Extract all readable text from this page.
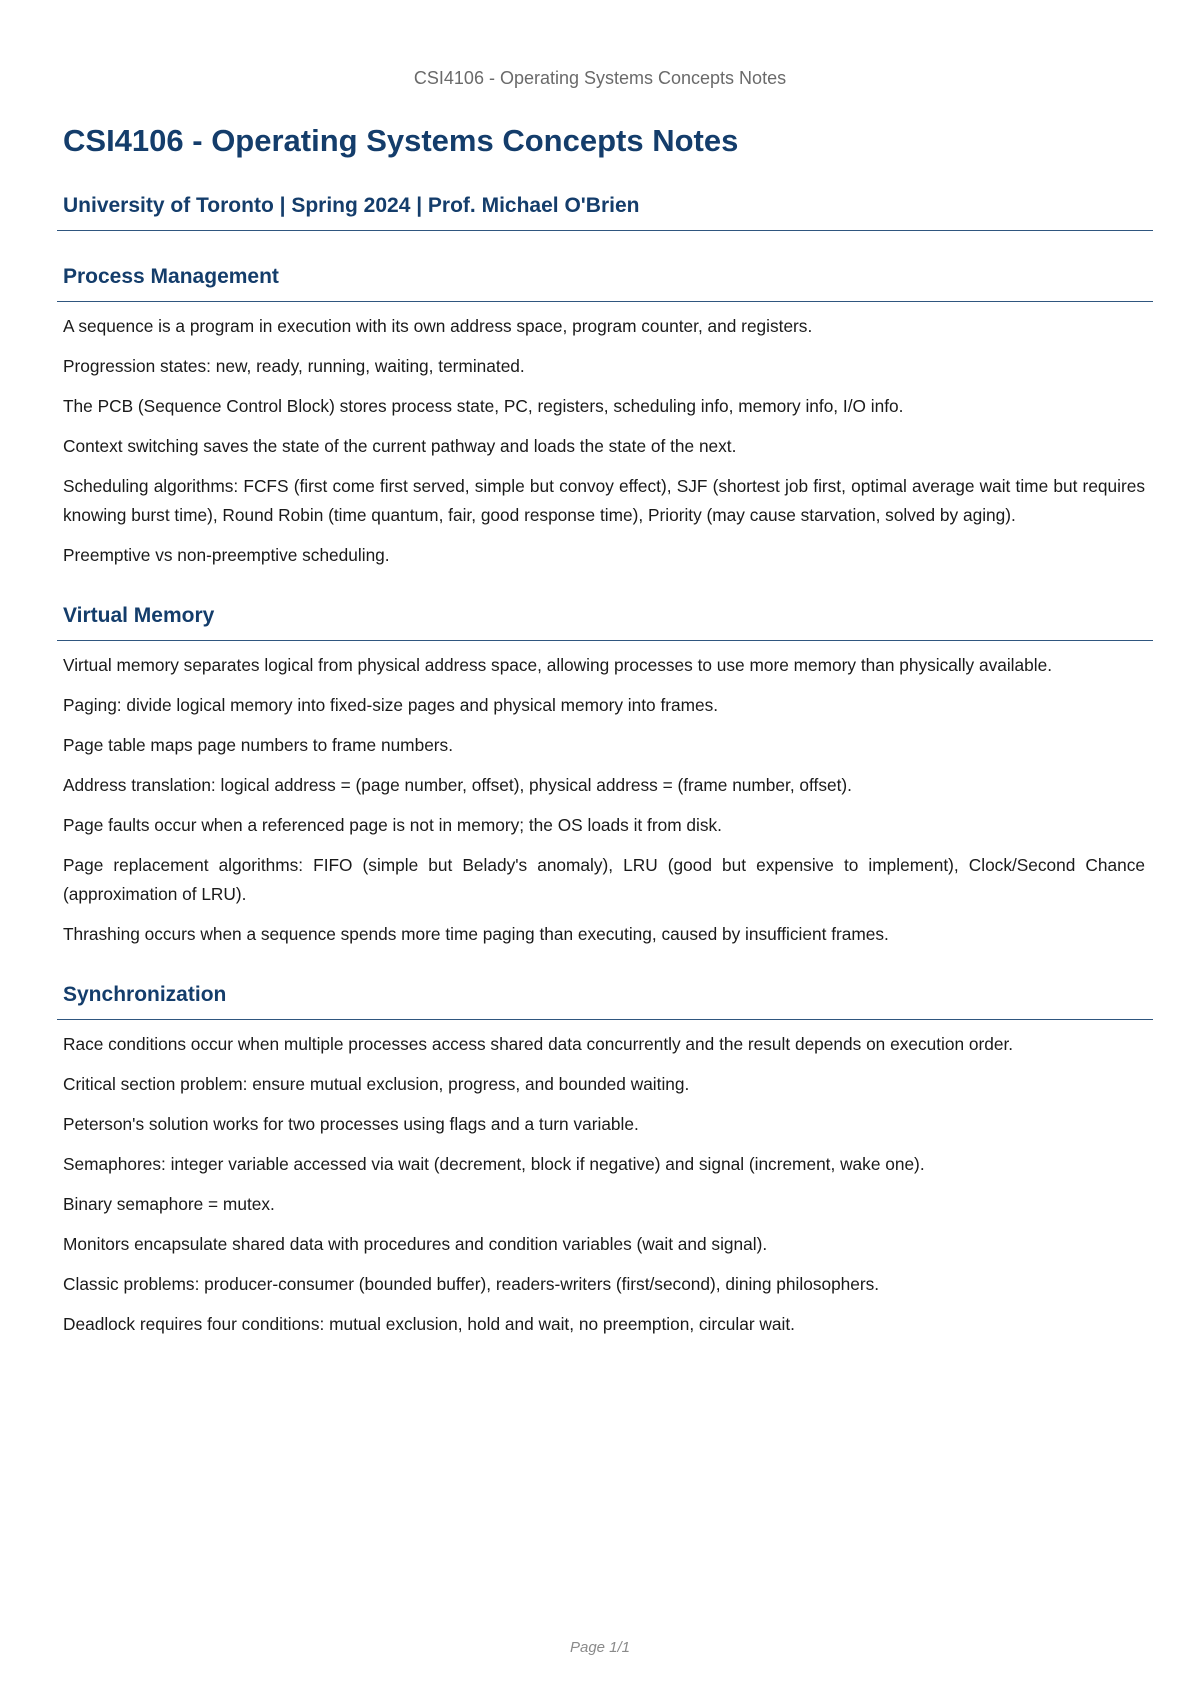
CSI4106 - Operating Systems Concepts Notes
CSI4106 - Operating Systems Concepts Notes
University of Toronto | Spring 2024 | Prof. Michael O'Brien
Process Management

A sequence is a program in execution with its own address space, program counter, and registers.

Progression states: new, ready, running, waiting, terminated.

The PCB (Sequence Control Block) stores process state, PC, registers, scheduling info, memory info, I/O info.

Context switching saves the state of the current pathway and loads the state of the next.

Scheduling algorithms: FCFS (first come first served, simple but convoy effect), SJF (shortest job first, optimal average wait time but requires knowing burst time), Round Robin (time quantum, fair, good response time), Priority (may cause starvation, solved by aging).

Preemptive vs non-preemptive scheduling.

Virtual Memory

Virtual memory separates logical from physical address space, allowing processes to use more memory than physically available.

Paging: divide logical memory into fixed-size pages and physical memory into frames.

Page table maps page numbers to frame numbers.

Address translation: logical address = (page number, offset), physical address = (frame number, offset).

Page faults occur when a referenced page is not in memory; the OS loads it from disk.

Page replacement algorithms: FIFO (simple but Belady's anomaly), LRU (good but expensive to implement), Clock/Second Chance (approximation of LRU).

Thrashing occurs when a sequence spends more time paging than executing, caused by insufficient frames.

Synchronization

Race conditions occur when multiple processes access shared data concurrently and the result depends on execution order.

Critical section problem: ensure mutual exclusion, progress, and bounded waiting.

Peterson's solution works for two processes using flags and a turn variable.

Semaphores: integer variable accessed via wait (decrement, block if negative) and signal (increment, wake one).

Binary semaphore = mutex.

Monitors encapsulate shared data with procedures and condition variables (wait and signal).

Classic problems: producer-consumer (bounded buffer), readers-writers (first/second), dining philosophers.

Deadlock requires four conditions: mutual exclusion, hold and wait, no preemption, circular wait.

Page 1/1
